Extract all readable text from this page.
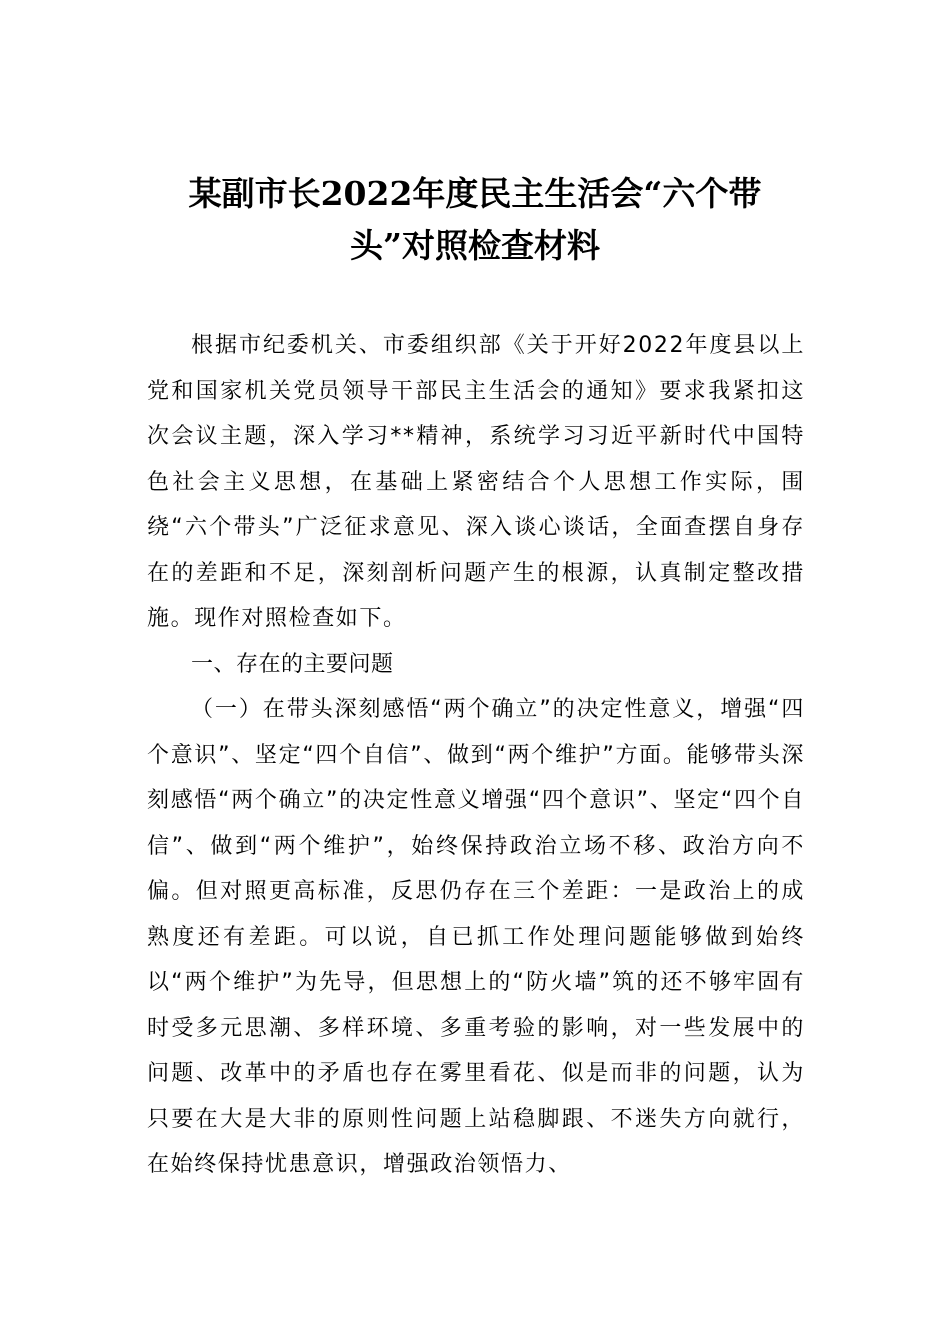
某副市长2022年度民主生活会“六个带头”对照检查材料

根据市纪委机关、市委组织部《关于开好2022年度县以上党和国家机关党员领导干部民主生活会的通知》要求我紧扣这次会议主题，深入学习**精神，系统学习习近平新时代中国特色社会主义思想，在基础上紧密结合个人思想工作实际，围绕“六个带头”广泛征求意见、深入谈心谈话，全面查摆自身存在的差距和不足，深刻剖析问题产生的根源，认真制定整改措施。现作对照检查如下。

一、存在的主要问题

（一）在带头深刻感悟“两个确立”的决定性意义，增强“四个意识”、坚定“四个自信”、做到“两个维护”方面。能够带头深刻感悟“两个确立”的决定性意义增强“四个意识”、坚定“四个自信”、做到“两个维护”，始终保持政治立场不移、政治方向不偏。但对照更高标准，反思仍存在三个差距：一是政治上的成熟度还有差距。可以说，自已抓工作处理问题能够做到始终以“两个维护”为先导，但思想上的“防火墙”筑的还不够牢固有时受多元思潮、多样环境、多重考验的影响，对一些发展中的问题、改革中的矛盾也存在雾里看花、似是而非的问题，认为只要在大是大非的原则性问题上站稳脚跟、不迷失方向就行，在始终保持忧患意识，增强政治领悟力、
